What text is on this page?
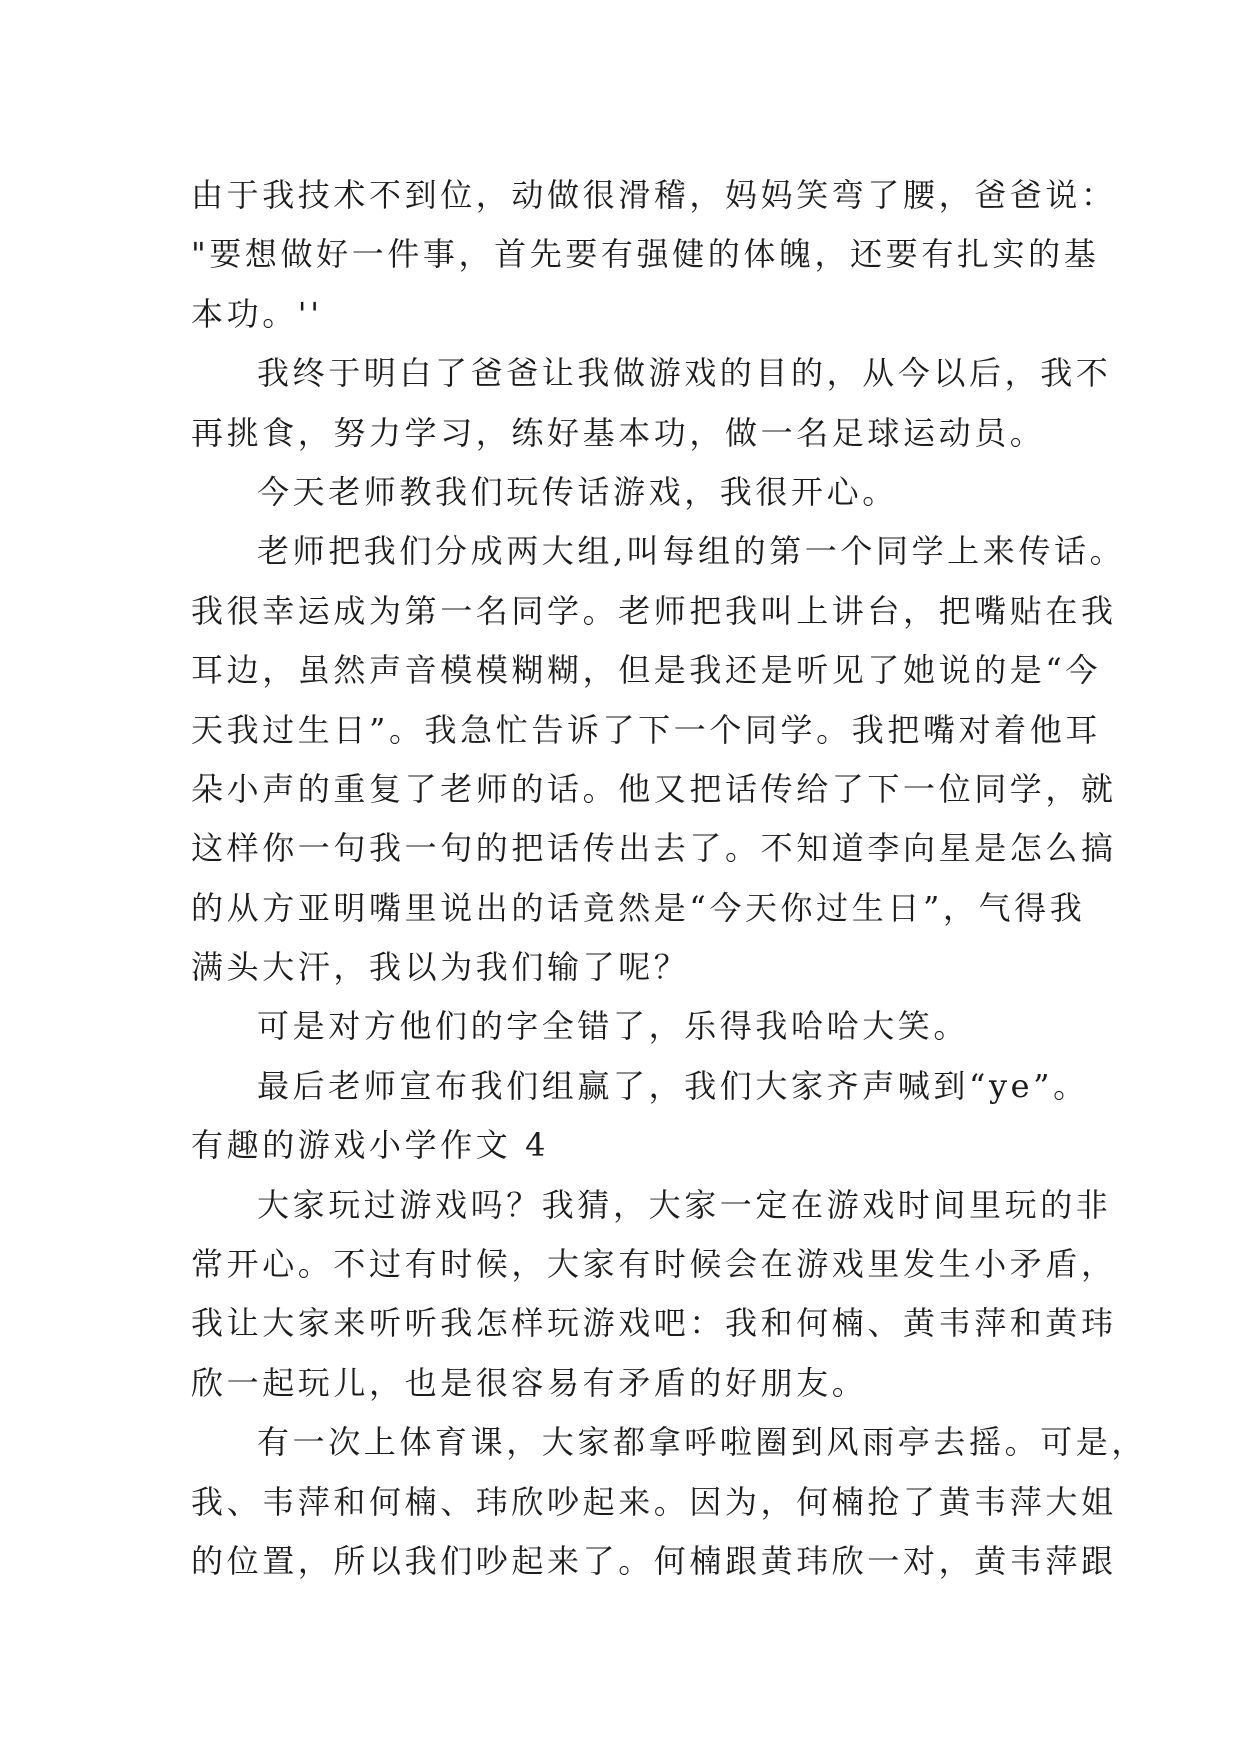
由于我技术不到位，动做很滑稽，妈妈笑弯了腰，爸爸说：
"要想做好一件事，首先要有强健的体魄，还要有扎实的基
本功。''
我终于明白了爸爸让我做游戏的目的，从今以后，我不
再挑食，努力学习，练好基本功，做一名足球运动员。
今天老师教我们玩传话游戏，我很开心。
老师把我们分成两大组,叫每组的第一个同学上来传话。
我很幸运成为第一名同学。老师把我叫上讲台，把嘴贴在我
耳边，虽然声音模模糊糊，但是我还是听见了她说的是“今
天我过生日”。我急忙告诉了下一个同学。我把嘴对着他耳
朵小声的重复了老师的话。他又把话传给了下一位同学，就
这样你一句我一句的把话传出去了。不知道李向星是怎么搞
的从方亚明嘴里说出的话竟然是“今天你过生日”，气得我
满头大汗，我以为我们输了呢？
可是对方他们的字全错了，乐得我哈哈大笑。
最后老师宣布我们组赢了，我们大家齐声喊到“ye”。
有趣的游戏小学作文 4
大家玩过游戏吗？我猜，大家一定在游戏时间里玩的非
常开心。不过有时候，大家有时候会在游戏里发生小矛盾，
我让大家来听听我怎样玩游戏吧：我和何楠、黄韦萍和黄玮
欣一起玩儿，也是很容易有矛盾的好朋友。
有一次上体育课，大家都拿呼啦圈到风雨亭去摇。可是，
我、韦萍和何楠、玮欣吵起来。因为，何楠抢了黄韦萍大姐
的位置，所以我们吵起来了。何楠跟黄玮欣一对，黄韦萍跟
